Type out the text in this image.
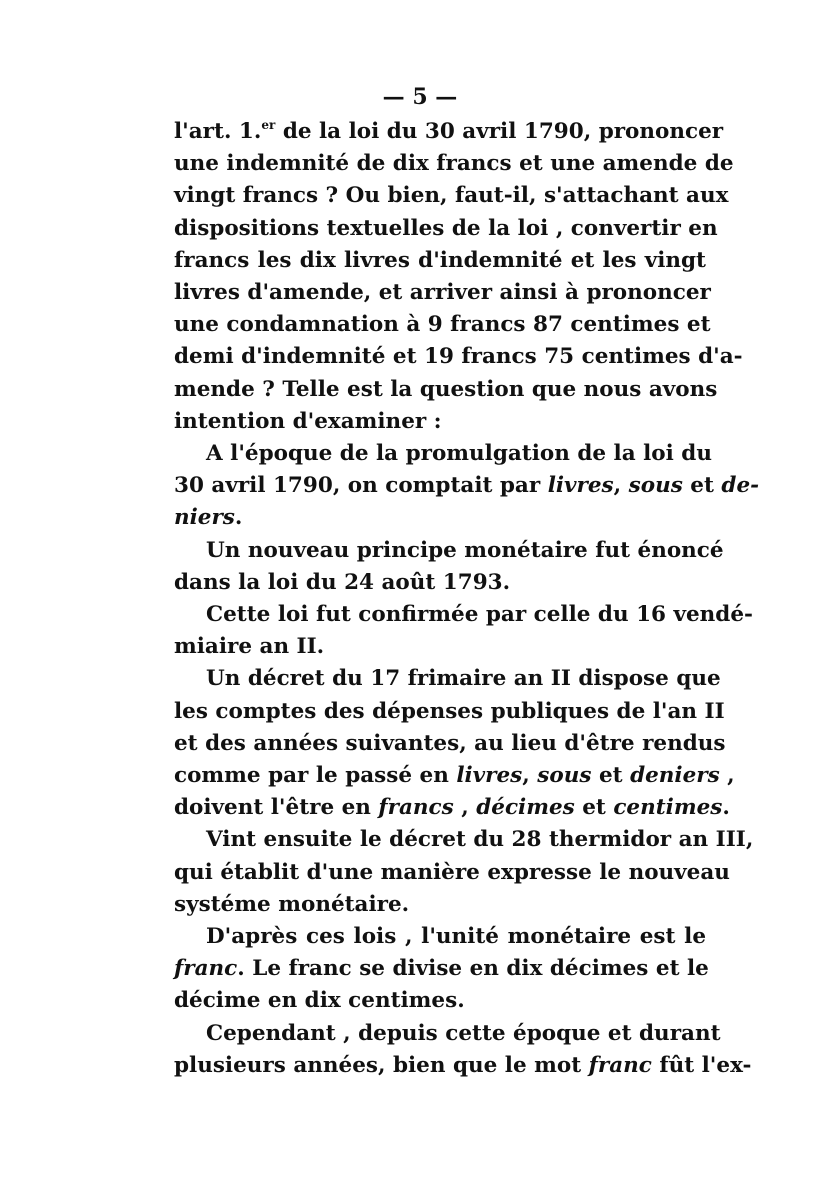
— 5 —
l'art. 1.$^{er}$ de la loi du 30 avril 1790, prononcer
une indemnité de dix francs et une amende de
vingt francs ? Ou bien, faut-il, s'attachant aux
dispositions textuelles de la loi , convertir en
francs les dix livres d'indemnité et les vingt
livres d'amende, et arriver ainsi à prononcer
une condamnation à 9 francs 87 centimes et
demi d'indemnité et 19 francs 75 centimes d'a-
mende ? Telle est la question que nous avons
intention d'examiner :
A l'époque de la promulgation de la loi du
30 avril 1790, on comptait par livres, sous et de-
niers.
Un nouveau principe monétaire fut énoncé
dans la loi du 24 août 1793.
Cette loi fut confirmée par celle du 16 vendé-
miaire an II.
Un décret du 17 frimaire an II dispose que
les comptes des dépenses publiques de l'an II
et des années suivantes, au lieu d'être rendus
comme par le passé en livres, sous et deniers ,
doivent l'être en francs , décimes et centimes.
Vint ensuite le décret du 28 thermidor an III,
qui établit d'une manière expresse le nouveau
systéme monétaire.
D'après ces lois , l'unité monétaire est le
franc. Le franc se divise en dix décimes et le
décime en dix centimes.
Cependant , depuis cette époque et durant
plusieurs années, bien que le mot franc fût l'ex-
